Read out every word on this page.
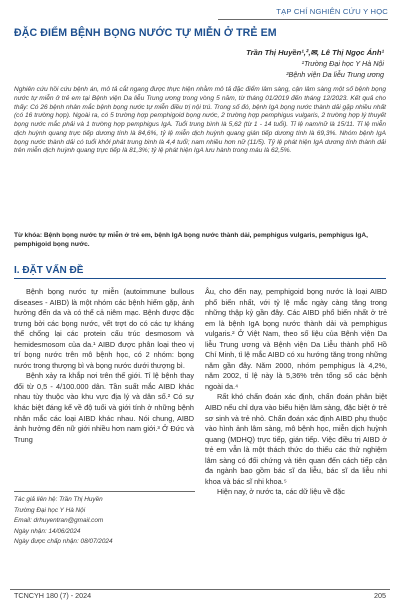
TẠP CHÍ NGHIÊN CỨU Y HỌC
ĐẶC ĐIỂM BỆNH BỌNG NƯỚC TỰ MIỄN Ở TRẺ EM
Trần Thị Huyền¹,²,✉, Lê Thị Ngọc Ánh¹
¹Trường Đại học Y Hà Nội
²Bệnh viện Da liễu Trung ương
Nghiên cứu hồi cứu bệnh án, mô tả cắt ngang được thực hiện nhằm mô tả đặc điểm lâm sàng, cận lâm sàng một số bệnh bọng nước tự miễn ở trẻ em tại Bệnh viện Da liễu Trung ương trong vòng 5 năm, từ tháng 01/2019 đến tháng 12/2023. Kết quả cho thấy: Có 26 bệnh nhân mắc bệnh bọng nước tự miễn điều trị nội trú. Trong số đó, bệnh IgA bọng nước thành dải gặp nhiều nhất (có 16 trường hợp). Ngoài ra, có 5 trường hợp pemphigoid bọng nước, 2 trường hợp pemphigus vulgaris, 2 trường hợp lý thuyết bọng nước mắc phải và 1 trường hợp pemphigus IgA. Tuổi trung bình là 5,62 (từ 1 - 14 tuổi). Tỉ lệ nam/nữ là 15/11. Tỉ lệ miễn dịch huỳnh quang trực tiếp dương tính là 84,6%, tỷ lệ miễn dịch huỳnh quang gián tiếp dương tính là 69,3%. Nhóm bệnh IgA bọng nước thành dải có tuổi khởi phát trung bình là 4,4 tuổi; nam nhiều hơn nữ (11/5). Tỷ lệ phát hiện IgA dương tính thành dải trên miễn dịch huỳnh quang trực tiếp là 81,3%; tỷ lệ phát hiện IgA lưu hành trong máu là 62,5%.
Từ khóa: Bệnh bọng nước tự miễn ở trẻ em, bệnh IgA bọng nước thành dải, pemphigus vulgaris, pemphigus IgA, pemphigoid bọng nước.
I. ĐẶT VẤN ĐỀ

Bệnh bọng nước tự miễn (autoimmune bullous diseases - AIBD) là một nhóm các bệnh hiếm gặp, ảnh hưởng đến da và có thể cả niêm mạc. Bệnh được đặc trưng bởi các bọng nước, vết trợt do có các tự kháng thể chống lại các protein cấu trúc desmosom và hemidesmosom của da.¹ AIBD được phân loại theo vị trí bọng nước trên mô bệnh học, có 2 nhóm: bọng nước trong thượng bì và bọng nước dưới thượng bì.

Bệnh xảy ra khắp nơi trên thế giới. Tỉ lệ bệnh thay đổi từ 0,5 - 4/100.000 dân. Tần suất mắc AIBD khác nhau tùy thuộc vào khu vực địa lý và dân số.² Có sự khác biệt đáng kể về độ tuổi và giới tính ở những bệnh nhân mắc các loại AIBD khác nhau. Nói chung, AIBD ảnh hưởng đến nữ giới nhiều hơn nam giới.³ Ở Đức và Trung

Âu, cho đến nay, pemphigoid bọng nước là loại AIBD phổ biến nhất, với tỷ lệ mắc ngày càng tăng trong những thập kỷ gần đây. Các AIBD phổ biến nhất ở trẻ em là bệnh IgA bọng nước thành dải và pemphigus vulgaris.² Ở Việt Nam, theo số liệu của Bệnh viện Da liễu Trung ương và Bệnh viện Da Liễu thành phố Hồ Chí Minh, tỉ lệ mắc AIBD có xu hướng tăng trong những năm gần đây. Năm 2000, nhóm pemphigus là 4,2%, năm 2002, tỉ lệ này là 5,36% trên tổng số các bệnh ngoài da.⁴

Rất khó chẩn đoán xác định, chẩn đoán phân biệt AIBD nếu chỉ dựa vào biểu hiện lâm sàng, đặc biệt ở trẻ sơ sinh và trẻ nhỏ. Chẩn đoán xác định AIBD phụ thuộc vào hình ảnh lâm sàng, mô bệnh học, miễn dịch huỳnh quang (MDHQ) trực tiếp, gián tiếp. Việc điều trị AIBD ở trẻ em vẫn là một thách thức do thiếu các thử nghiệm lâm sàng có đối chứng và tiên quan đến cách tiếp cận đa ngành bao gồm bác sĩ da liễu, bác sĩ da liễu nhi khoa và bác sĩ nhi khoa.⁵

Hiện nay, ở nước ta, các dữ liệu về đặc

Tác giả liên hệ: Trần Thị Huyền
Trường Đại học Y Hà Nội
Email: drhuyentran@gmail.com
Ngày nhận: 14/06/2024
Ngày được chấp nhận: 08/07/2024
TCNCYH 180 (7) - 2024	205
